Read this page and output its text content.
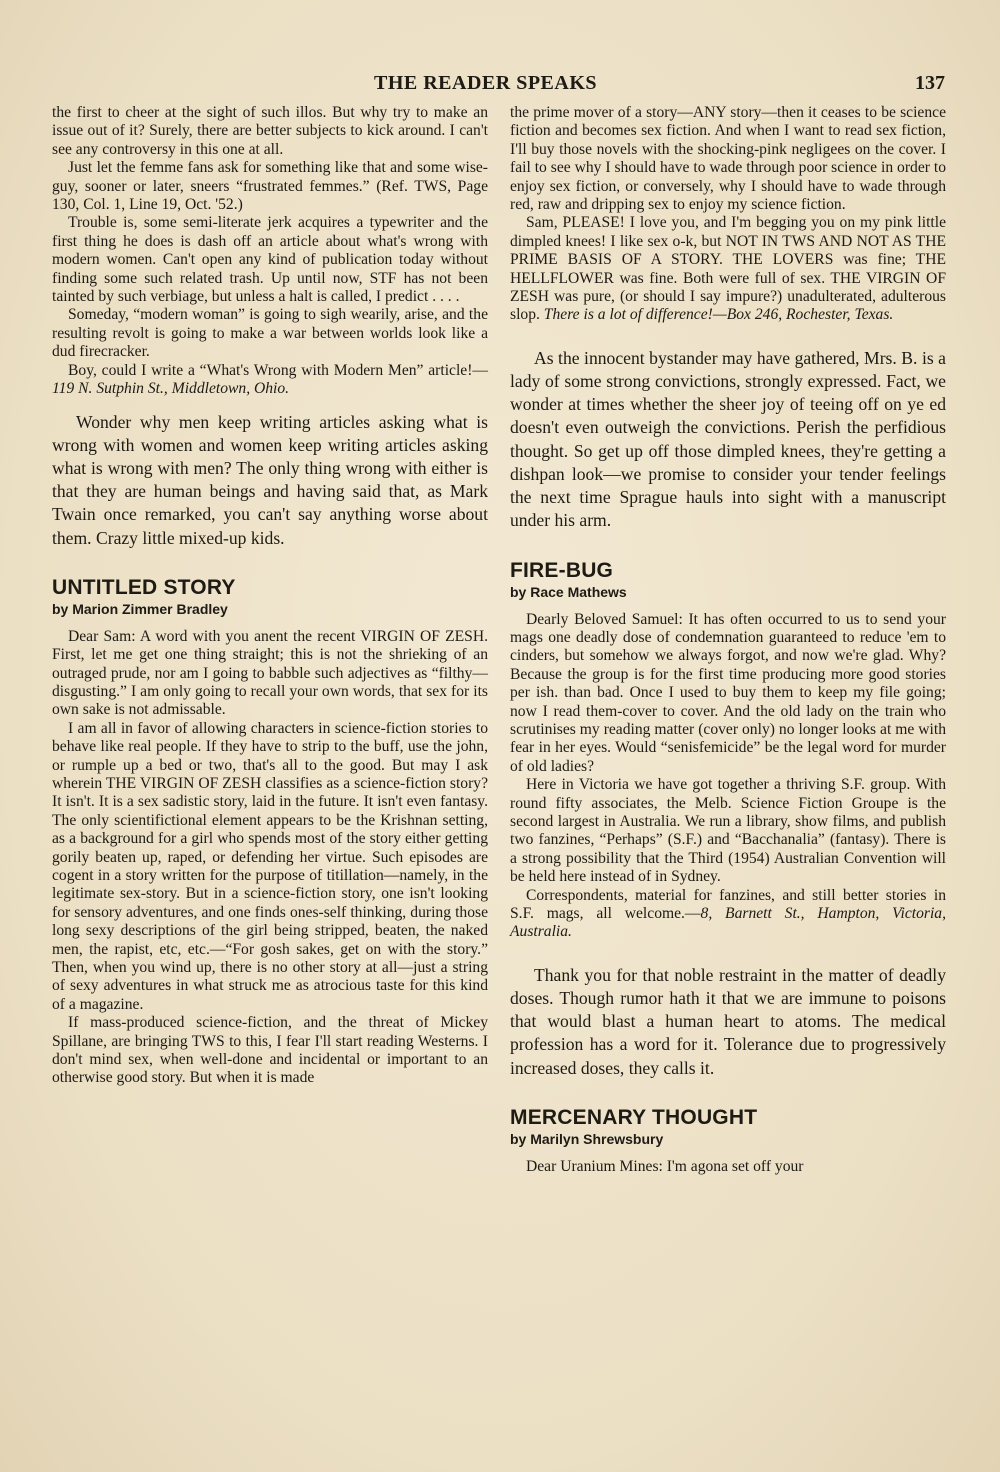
THE READER SPEAKS	137

the first to cheer at the sight of such illos. But why try to make an issue out of it? Surely, there are better subjects to kick around. I can't see any controversy in this one at all.

Just let the femme fans ask for something like that and some wise-guy, sooner or later, sneers “frustrated femmes.” (Ref. TWS, Page 130, Col. 1, Line 19, Oct. '52.)

Trouble is, some semi-literate jerk acquires a typewriter and the first thing he does is dash off an article about what's wrong with modern women. Can't open any kind of publication today without finding some such related trash. Up until now, STF has not been tainted by such verbiage, but unless a halt is called, I predict . . . .

Someday, “modern woman” is going to sigh wearily, arise, and the resulting revolt is going to make a war between worlds look like a dud firecracker.

Boy, could I write a “What's Wrong with Modern Men” article!—119 N. Sutphin St., Middletown, Ohio.

Wonder why men keep writing articles asking what is wrong with women and women keep writing articles asking what is wrong with men? The only thing wrong with either is that they are human beings and having said that, as Mark Twain once remarked, you can't say anything worse about them. Crazy little mixed-up kids.

UNTITLED STORY
by Marion Zimmer Bradley

Dear Sam: A word with you anent the recent VIRGIN OF ZESH. First, let me get one thing straight; this is not the shrieking of an outraged prude, nor am I going to babble such adjectives as “filthy—disgusting.” I am only going to recall your own words, that sex for its own sake is not admissable.

I am all in favor of allowing characters in science-fiction stories to behave like real people. If they have to strip to the buff, use the john, or rumple up a bed or two, that's all to the good. But may I ask wherein THE VIRGIN OF ZESH classifies as a science-fiction story? It isn't. It is a sex sadistic story, laid in the future. It isn't even fantasy. The only scientifictional element appears to be the Krishnan setting, as a background for a girl who spends most of the story either getting gorily beaten up, raped, or defending her virtue. Such episodes are cogent in a story written for the purpose of titillation—namely, in the legitimate sex-story. But in a science-fiction story, one isn't looking for sensory adventures, and one finds ones-self thinking, during those long sexy descriptions of the girl being stripped, beaten, the naked men, the rapist, etc, etc.—“For gosh sakes, get on with the story.” Then, when you wind up, there is no other story at all—just a string of sexy adventures in what struck me as atrocious taste for this kind of a magazine.

If mass-produced science-fiction, and the threat of Mickey Spillane, are bringing TWS to this, I fear I'll start reading Westerns. I don't mind sex, when well-done and incidental or important to an otherwise good story. But when it is made

the prime mover of a story—ANY story—then it ceases to be science fiction and becomes sex fiction. And when I want to read sex fiction, I'll buy those novels with the shocking-pink negligees on the cover. I fail to see why I should have to wade through poor science in order to enjoy sex fiction, or conversely, why I should have to wade through red, raw and dripping sex to enjoy my science fiction.

Sam, PLEASE! I love you, and I'm begging you on my pink little dimpled knees! I like sex o-k, but NOT IN TWS AND NOT AS THE PRIME BASIS OF A STORY. THE LOVERS was fine; THE HELLFLOWER was fine. Both were full of sex. THE VIRGIN OF ZESH was pure, (or should I say impure?) unadulterated, adulterous slop. There is a lot of difference!—Box 246, Rochester, Texas.

As the innocent bystander may have gathered, Mrs. B. is a lady of some strong convictions, strongly expressed. Fact, we wonder at times whether the sheer joy of teeing off on ye ed doesn't even outweigh the convictions. Perish the perfidious thought. So get up off those dimpled knees, they're getting a dishpan look—we promise to consider your tender feelings the next time Sprague hauls into sight with a manuscript under his arm.

FIRE-BUG
by Race Mathews

Dearly Beloved Samuel: It has often occurred to us to send your mags one deadly dose of condemnation guaranteed to reduce 'em to cinders, but somehow we always forgot, and now we're glad. Why? Because the group is for the first time producing more good stories per ish. than bad. Once I used to buy them to keep my file going; now I read them-cover to cover. And the old lady on the train who scrutinises my reading matter (cover only) no longer looks at me with fear in her eyes. Would “senisfemicide” be the legal word for murder of old ladies?

Here in Victoria we have got together a thriving S.F. group. With round fifty associates, the Melb. Science Fiction Groupe is the second largest in Australia. We run a library, show films, and publish two fanzines, “Perhaps” (S.F.) and “Bacchanalia” (fantasy). There is a strong possibility that the Third (1954) Australian Convention will be held here instead of in Sydney.

Correspondents, material for fanzines, and still better stories in S.F. mags, all welcome.—8, Barnett St., Hampton, Victoria, Australia.

Thank you for that noble restraint in the matter of deadly doses. Though rumor hath it that we are immune to poisons that would blast a human heart to atoms. The medical profession has a word for it. Tolerance due to progressively increased doses, they calls it.

MERCENARY THOUGHT
by Marilyn Shrewsbury

Dear Uranium Mines: I'm agona set off your
